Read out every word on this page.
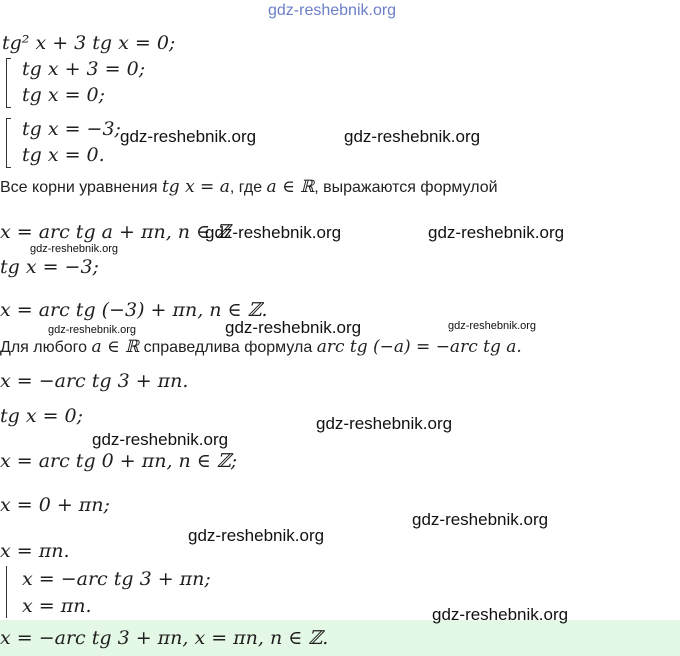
tg² x + 3 tg x = 0;
tg x + 3 = 0;
tg x = 0;
tg x = −3;
tg x = 0.
Все корни уравнения tg x = a, где a ∈ ℝ, выражаются формулой
x = arc tg a + πn, n ∈ ℤ
tg x = −3;
x = arc tg (−3) + πn, n ∈ ℤ.
Для любого a ∈ ℝ справедлива формула arc tg (−a) = −arc tg a.
x = −arc tg 3 + πn.
tg x = 0;
x = arc tg 0 + πn, n ∈ ℤ;
x = 0 + πn;
x = πn.
x = −arc tg 3 + πn;
x = πn.
x = −arc tg 3 + πn, x = πn, n ∈ ℤ.
gdz-reshebnik.org
gdz-reshebnik.org	gdz-reshebnik.org
gdz-reshebnik.org	gdz-reshebnik.org
gdz-reshebnik.org
gdz-reshebnik.org	gdz-reshebnik.org	gdz-reshebnik.org
gdz-reshebnik.org
gdz-reshebnik.org
gdz-reshebnik.org
gdz-reshebnik.org
gdz-reshebnik.org
